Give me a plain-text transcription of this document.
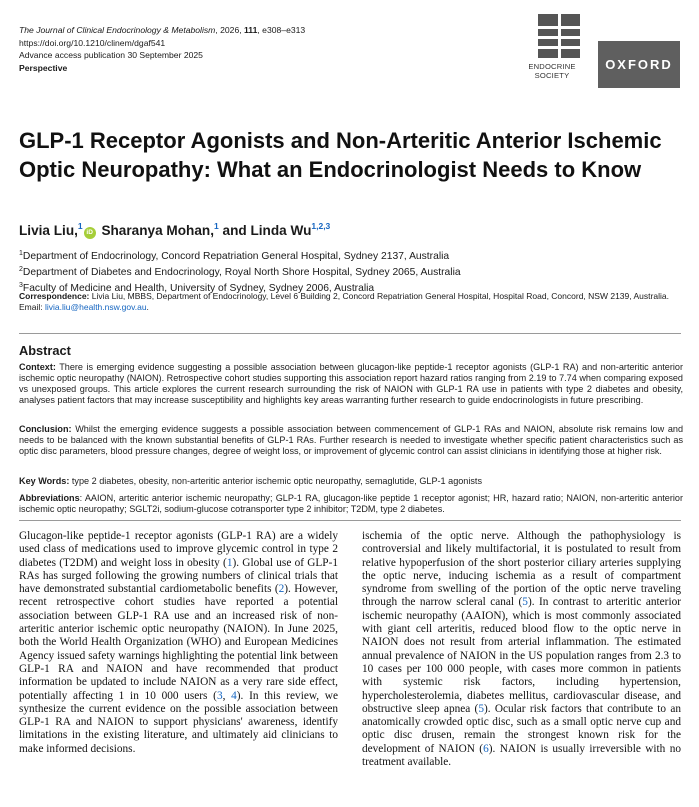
The Journal of Clinical Endocrinology & Metabolism, 2026, 111, e308–e313
https://doi.org/10.1210/clinem/dgaf541
Advance access publication 30 September 2025
Perspective	ENDOCRINE
SOCIETY
OXFORD
GLP-1 Receptor Agonists and Non-Arteritic Anterior Ischemic Optic Neuropathy: What an Endocrinologist Needs to Know
Livia Liu,$^1$iD Sharanya Mohan,$^1$ and Linda Wu$^{1,2,3}$
$^1$Department of Endocrinology, Concord Repatriation General Hospital, Sydney 2137, Australia
$^2$Department of Diabetes and Endocrinology, Royal North Shore Hospital, Sydney 2065, Australia
$^3$Faculty of Medicine and Health, University of Sydney, Sydney 2006, Australia
Correspondence: Livia Liu, MBBS, Department of Endocrinology, Level 6 Building 2, Concord Repatriation General Hospital, Hospital Road, Concord, NSW 2139, Australia. Email: livia.liu@health.nsw.gov.au.
Abstract
Context: There is emerging evidence suggesting a possible association between glucagon-like peptide-1 receptor agonists (GLP-1 RA) and non-arteritic anterior ischemic optic neuropathy (NAION). Retrospective cohort studies supporting this association report hazard ratios ranging from 2.19 to 7.74 when comparing exposed vs unexposed groups. This article explores the current research surrounding the risk of NAION with GLP-1 RA use in patients with type 2 diabetes and obesity, analyses patient factors that may increase susceptibility and highlights key areas warranting further research to guide endocrinologists in future prescribing.
Conclusion: Whilst the emerging evidence suggests a possible association between commencement of GLP-1 RAs and NAION, absolute risk remains low and needs to be balanced with the known substantial benefits of GLP-1 RAs. Further research is needed to investigate whether specific patient characteristics such as optic disc parameters, blood pressure changes, degree of weight loss, or improvement of glycemic control can assist clinicians in identifying those at higher risk.
Key Words: type 2 diabetes, obesity, non-arteritic anterior ischemic optic neuropathy, semaglutide, GLP-1 agonists
Abbreviations: AAION, arteritic anterior ischemic neuropathy; GLP-1 RA, glucagon-like peptide 1 receptor agonist; HR, hazard ratio; NAION, non-arteritic anterior ischemic optic neuropathy; SGLT2i, sodium-glucose cotransporter type 2 inhibitor; T2DM, type 2 diabetes.
Glucagon-like peptide-1 receptor agonists (GLP-1 RA) are a widely used class of medications used to improve glycemic control in type 2 diabetes (T2DM) and weight loss in obesity (1). Global use of GLP-1 RAs has surged following the growing numbers of clinical trials that have demonstrated substantial cardiometabolic benefits (2). However, recent retrospective cohort studies have reported a potential association between GLP-1 RA use and an increased risk of non-arteritic anterior ischemic optic neuropathy (NAION). In June 2025, both the World Health Organization (WHO) and European Medicines Agency issued safety warnings highlighting the potential link between GLP-1 RA and NAION and have recommended that product information be updated to include NAION as a very rare side effect, potentially affecting 1 in 10 000 users (3, 4). In this review, we synthesize the current evidence on the possible association between GLP-1 RA and NAION to support physicians' awareness, identify limitations in the existing literature, and ultimately aid clinicians to make informed decisions.
ischemia of the optic nerve. Although the pathophysiology is controversial and likely multifactorial, it is postulated to result from relative hypoperfusion of the short posterior ciliary arteries supplying the optic nerve, inducing ischemia as a result of compartment syndrome from swelling of the portion of the optic nerve traveling through the narrow scleral canal (5). In contrast to arteritic anterior ischemic neuropathy (AAION), which is most commonly associated with giant cell arteritis, reduced blood flow to the optic nerve in NAION does not result from arterial inflammation. The estimated annual prevalence of NAION in the US population ranges from 2.3 to 10 cases per 100 000 people, with cases more common in patients with systemic risk factors, including hypertension, hypercholesterolemia, diabetes mellitus, cardiovascular disease, and obstructive sleep apnea (5). Ocular risk factors that contribute to an anatomically crowded optic disc, such as a small optic nerve cup and optic disc drusen, remain the strongest known risk for the development of NAION (6). NAION is usually irreversible with no treatment available.
